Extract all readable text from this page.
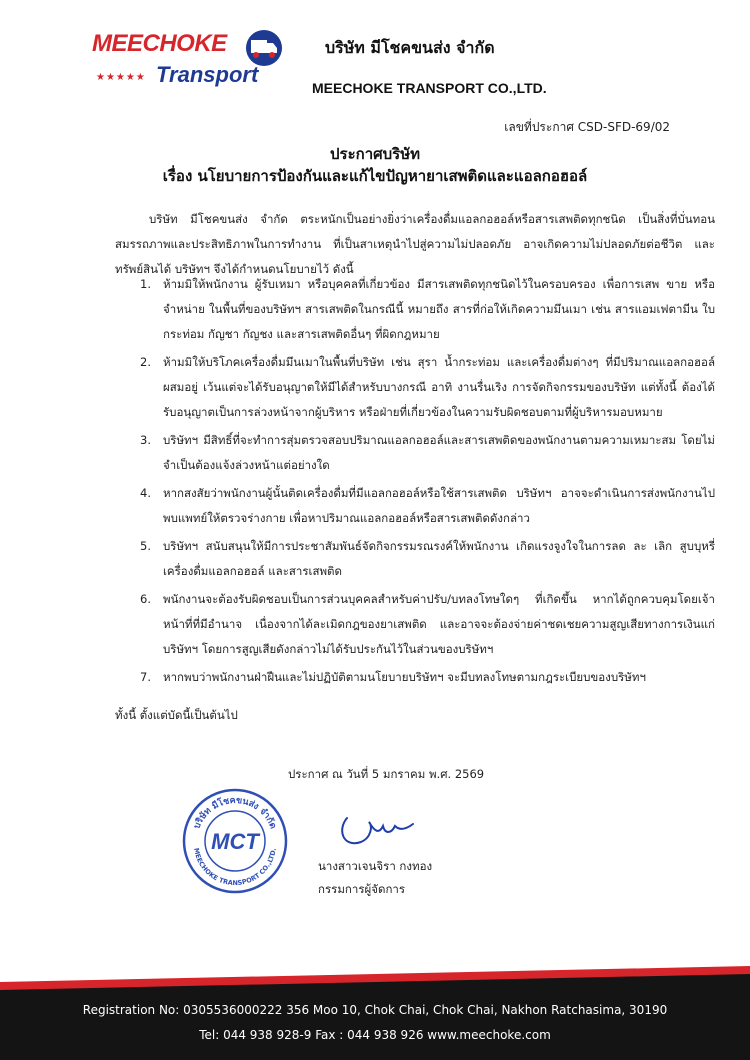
MEECHOKE
★★★★★ Transport
บริษัท มีโชคขนส่ง จำกัด
MEECHOKE TRANSPORT CO.,LTD.
เลขที่ประกาศ CSD-SFD-69/02
ประกาศบริษัท
เรื่อง นโยบายการป้องกันและแก้ไขปัญหายาเสพติดและแอลกอฮอล์

บริษัท มีโชคขนส่ง จำกัด ตระหนักเป็นอย่างยิ่งว่าเครื่องดื่มแอลกอฮอล์หรือสารเสพติดทุกชนิด เป็นสิ่งที่บั่นทอนสมรรถภาพและประสิทธิภาพในการทำงาน ที่เป็นสาเหตุนำไปสู่ความไม่ปลอดภัย อาจเกิดความไม่ปลอดภัยต่อชีวิต และทรัพย์สินได้ บริษัทฯ จึงได้กำหนดนโยบายไว้ ดังนี้

1. ห้ามมิให้พนักงาน ผู้รับเหมา หรือบุคคลที่เกี่ยวข้อง มีสารเสพติดทุกชนิดไว้ในครอบครอง เพื่อการเสพ ขาย หรือจำหน่าย ในพื้นที่ของบริษัทฯ สารเสพติดในกรณีนี้ หมายถึง สารที่ก่อให้เกิดความมึนเมา เช่น สารแอมเฟตามีน ใบกระท่อม กัญชา กัญชง และสารเสพติดอื่นๆ ที่ผิดกฎหมาย
2. ห้ามมิให้บริโภคเครื่องดื่มมึนเมาในพื้นที่บริษัท เช่น สุรา น้ำกระท่อม และเครื่องดื่มต่างๆ ที่มีปริมาณแอลกอฮอล์ผสมอยู่ เว้นแต่จะได้รับอนุญาตให้มีได้สำหรับบางกรณี อาทิ งานรื่นเริง การจัดกิจกรรมของบริษัท แต่ทั้งนี้ ต้องได้รับอนุญาตเป็นการล่วงหน้าจากผู้บริหาร หรือฝ่ายที่เกี่ยวข้องในความรับผิดชอบตามที่ผู้บริหารมอบหมาย
3. บริษัทฯ มีสิทธิ์ที่จะทำการสุ่มตรวจสอบปริมาณแอลกอฮอล์และสารเสพติดของพนักงานตามความเหมาะสม โดยไม่จำเป็นต้องแจ้งล่วงหน้าแต่อย่างใด
4. หากสงสัยว่าพนักงานผู้นั้นติดเครื่องดื่มที่มีแอลกอฮอล์หรือใช้สารเสพติด บริษัทฯ อาจจะดำเนินการส่งพนักงานไป พบแพทย์ให้ตรวจร่างกาย เพื่อหาปริมาณแอลกอฮอล์หรือสารเสพติดดังกล่าว
5. บริษัทฯ สนับสนุนให้มีการประชาสัมพันธ์จัดกิจกรรมรณรงค์ให้พนักงาน เกิดแรงจูงใจในการลด ละ เลิก สูบบุหรี่ เครื่องดื่มแอลกอฮอล์ และสารเสพติด
6. พนักงานจะต้องรับผิดชอบเป็นการส่วนบุคคลสำหรับค่าปรับ/บทลงโทษใดๆ ที่เกิดขึ้น หากได้ถูกควบคุมโดยเจ้าหน้าที่ที่มีอำนาจ เนื่องจากได้ละเมิดกฎของยาเสพติด และอาจจะต้องจ่ายค่าชดเชยความสูญเสียทางการเงินแก่บริษัทฯ โดยการสูญเสียดังกล่าวไม่ได้รับประกันไว้ในส่วนของบริษัทฯ
7. หากพบว่าพนักงานฝ่าฝืนและไม่ปฏิบัติตามนโยบายบริษัทฯ จะมีบทลงโทษตามกฎระเบียบของบริษัทฯ
ทั้งนี้ ตั้งแต่บัดนี้เป็นต้นไป
ประกาศ ณ วันที่ 5 มกราคม พ.ศ. 2569
บริษัท มีโชคขนส่ง จำกัด
MEECHOKE TRANSPORT CO.,LTD.
MCT
นางสาวเจนจิรา กงทอง
กรรมการผู้จัดการ
Registration No: 0305536000222 356 Moo 10, Chok Chai, Chok Chai, Nakhon Ratchasima, 30190
Tel: 044 938 928-9 Fax : 044 938 926 www.meechoke.com
